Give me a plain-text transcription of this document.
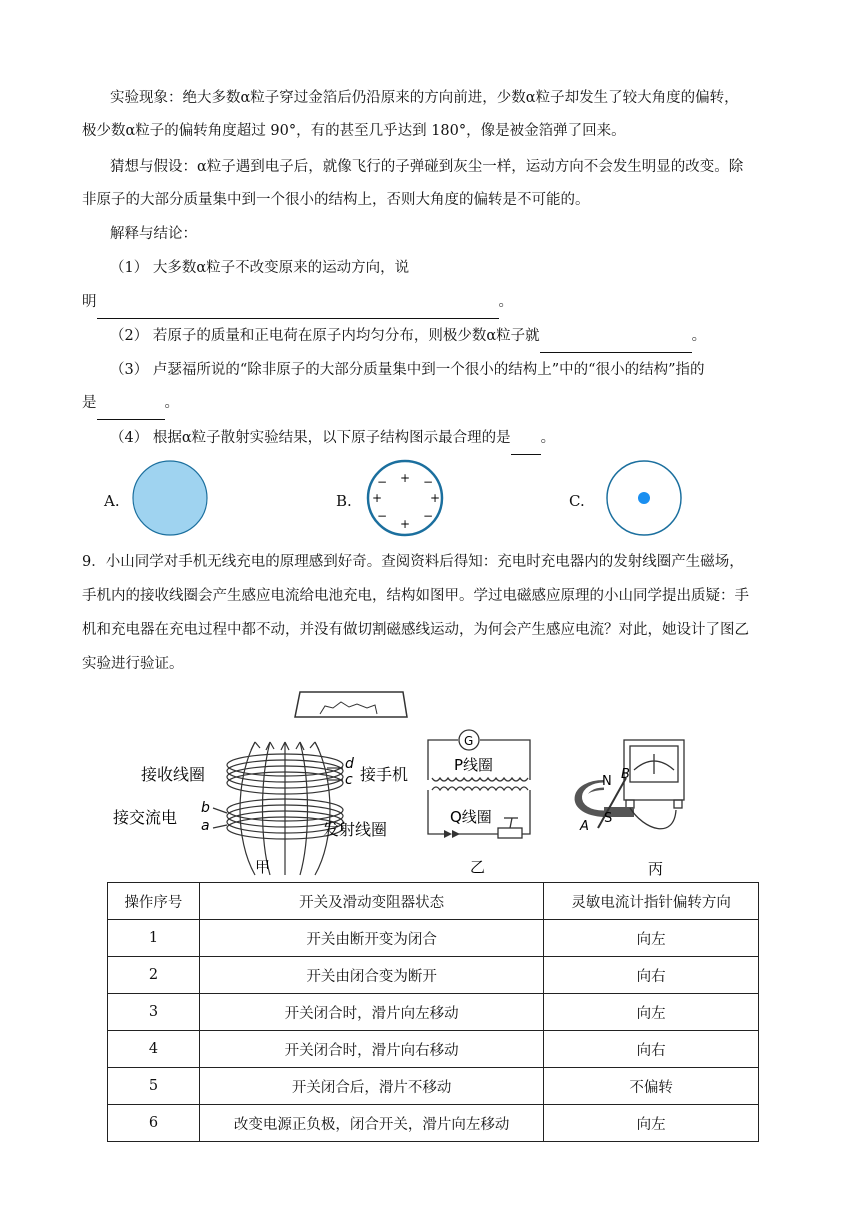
实验现象：绝大多数α粒子穿过金箔后仍沿原来的方向前进，少数α粒子却发生了较大角度的偏转，
极少数α粒子的偏转角度超过 90°，有的甚至几乎达到 180°，像是被金箔弹了回来。
猜想与假设：α粒子遇到电子后，就像飞行的子弹碰到灰尘一样，运动方向不会发生明显的改变。除
非原子的大部分质量集中到一个很小的结构上，否则大角度的偏转是不可能的。
解释与结论：
（1） 大多数α粒子不改变原来的运动方向，说
明	。
（2） 若原子的质量和正电荷在原子内均匀分布，则极少数α粒子就	。
（3） 卢瑟福所说的“除非原子的大部分质量集中到一个很小的结构上”中的“很小的结构”指的
是	。
（4） 根据α粒子散射实验结果，以下原子结构图示最合理的是 。
A.	B.
+
+
+	+
−	−
−	−
C.
9．小山同学对手机无线充电的原理感到好奇。查阅资料后得知：充电时充电器内的发射线圈产生磁场，
手机内的接收线圈会产生感应电流给电池充电，结构如图甲。学过电磁感应原理的小山同学提出质疑：手
机和充电器在充电过程中都不动，并没有做切割磁感线运动，为何会产生感应电流？对此，她设计了图乙
实验进行验证。
接收线圈
接交流电
d
c
b
a
接手机
发射线圈
甲
G
P线圈
Q线圈
乙
N
S
A
B
丙
操作序号	开关及滑动变阻器状态	灵敏电流计指针偏转方向
1	开关由断开变为闭合	向左
2	开关由闭合变为断开	向右
3	开关闭合时，滑片向左移动	向左
4	开关闭合时，滑片向右移动	向右
5	开关闭合后，滑片不移动	不偏转
6	改变电源正负极，闭合开关，滑片向左移动	向左
